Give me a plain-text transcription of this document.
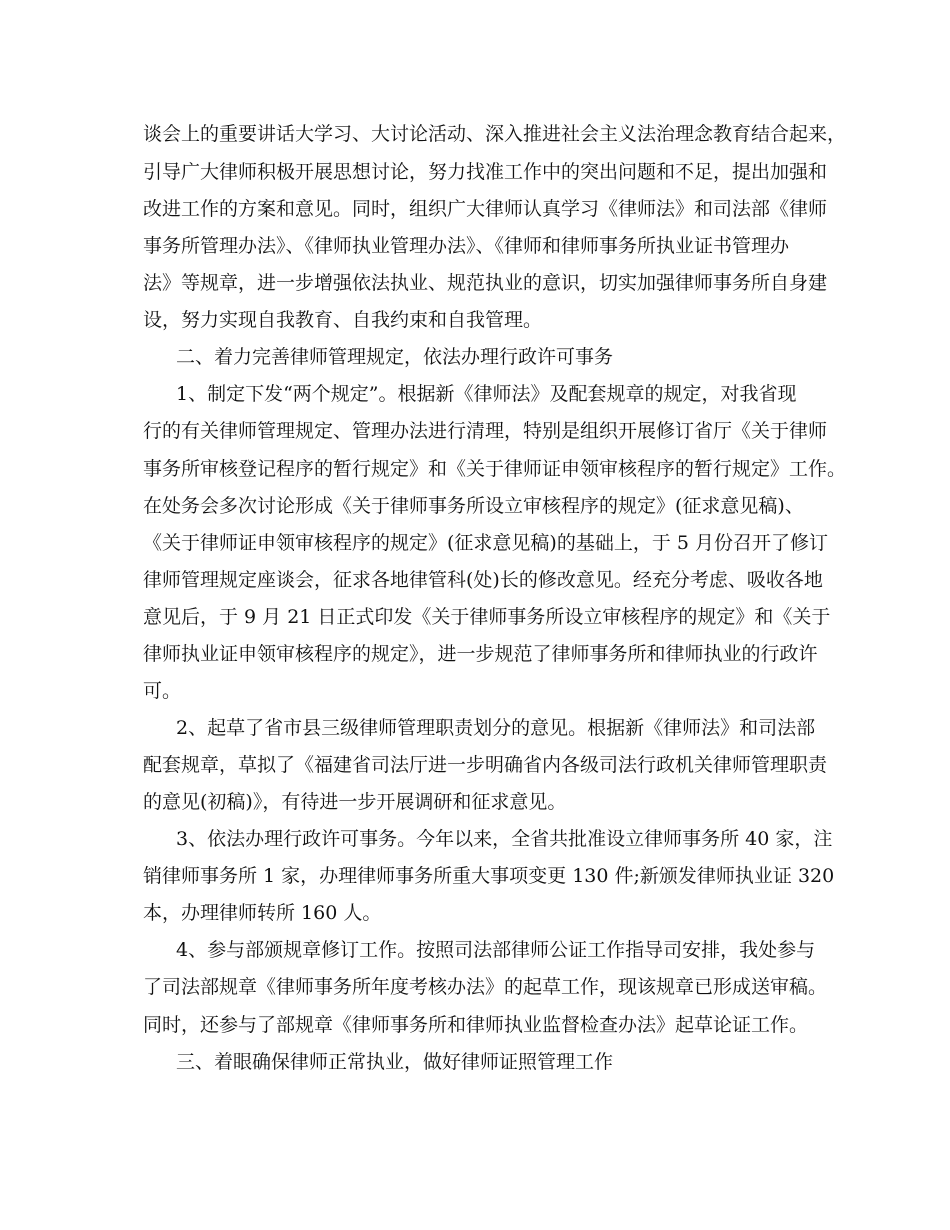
谈会上的重要讲话大学习、大讨论活动、深入推进社会主义法治理念教育结合起来，
引导广大律师积极开展思想讨论，努力找准工作中的突出问题和不足，提出加强和
改进工作的方案和意见。同时，组织广大律师认真学习《律师法》和司法部《律师
事务所管理办法》、《律师执业管理办法》、《律师和律师事务所执业证书管理办
法》等规章，进一步增强依法执业、规范执业的意识，切实加强律师事务所自身建
设，努力实现自我教育、自我约束和自我管理。
二、着力完善律师管理规定，依法办理行政许可事务
1、制定下发“两个规定”。根据新《律师法》及配套规章的规定，对我省现
行的有关律师管理规定、管理办法进行清理，特别是组织开展修订省厅《关于律师
事务所审核登记程序的暂行规定》和《关于律师证申领审核程序的暂行规定》工作。
在处务会多次讨论形成《关于律师事务所设立审核程序的规定》(征求意见稿)、
《关于律师证申领审核程序的规定》(征求意见稿)的基础上，于 5 月份召开了修订
律师管理规定座谈会，征求各地律管科(处)长的修改意见。经充分考虑、吸收各地
意见后，于 9 月 21 日正式印发《关于律师事务所设立审核程序的规定》和《关于
律师执业证申领审核程序的规定》，进一步规范了律师事务所和律师执业的行政许
可。
2、起草了省市县三级律师管理职责划分的意见。根据新《律师法》和司法部
配套规章，草拟了《福建省司法厅进一步明确省内各级司法行政机关律师管理职责
的意见(初稿)》，有待进一步开展调研和征求意见。
3、依法办理行政许可事务。今年以来，全省共批准设立律师事务所 40 家，注
销律师事务所 1 家，办理律师事务所重大事项变更 130 件;新颁发律师执业证 320
本，办理律师转所 160 人。
4、参与部颁规章修订工作。按照司法部律师公证工作指导司安排，我处参与
了司法部规章《律师事务所年度考核办法》的起草工作，现该规章已形成送审稿。
同时，还参与了部规章《律师事务所和律师执业监督检查办法》起草论证工作。
三、着眼确保律师正常执业，做好律师证照管理工作
